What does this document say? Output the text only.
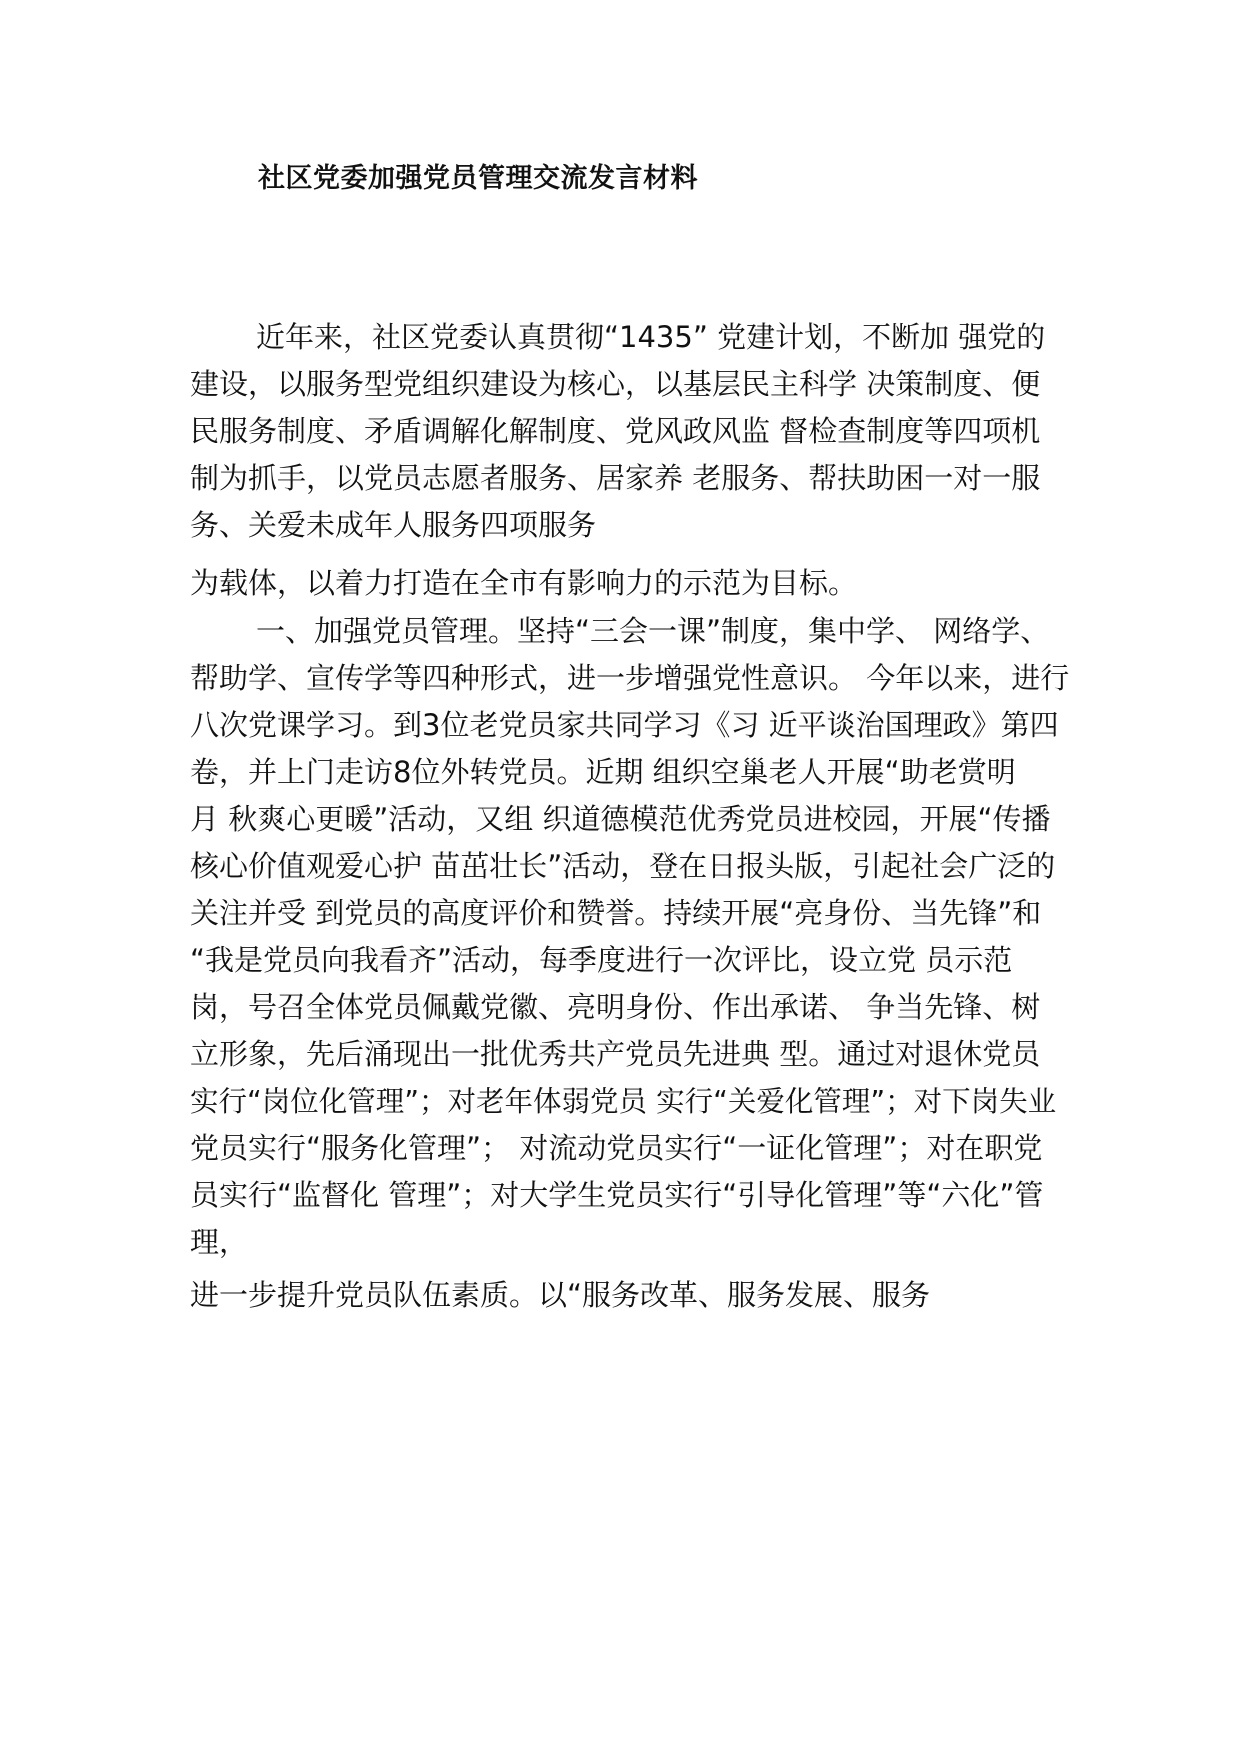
社区党委加强党员管理交流发言材料
近年来，社区党委认真贯彻“1435” 党建计划，不断加 强党的
建设，以服务型党组织建设为核心，以基层民主科学 决策制度、便
民服务制度、矛盾调解化解制度、党风政风监 督检查制度等四项机
制为抓手，以党员志愿者服务、居家养 老服务、帮扶助困一对一服
务、关爱未成年人服务四项服务
为载体，以着力打造在全市有影响力的示范为目标。
一、加强党员管理。坚持“三会一课”制度，集中学、 网络学、
帮助学、宣传学等四种形式，进一步增强党性意识。 今年以来，进行
八次党课学习。到3位老党员家共同学习《习 近平谈治国理政》第四
卷，并上门走访8位外转党员。近期 组织空巢老人开展“助老赏明
月 秋爽心更暖”活动，又组 织道德模范优秀党员进校园，开展“传播
核心价值观爱心护 苗茁壮长”活动，登在日报头版，引起社会广泛的
关注并受 到党员的高度评价和赞誉。持续开展“亮身份、当先锋”和
“我是党员向我看齐”活动，每季度进行一次评比，设立党 员示范
岗，号召全体党员佩戴党徽、亮明身份、作出承诺、 争当先锋、树
立形象，先后涌现出一批优秀共产党员先进典 型。通过对退休党员
实行“岗位化管理”；对老年体弱党员 实行“关爱化管理”；对下岗失业
党员实行“服务化管理”； 对流动党员实行“一证化管理”；对在职党
员实行“监督化 管理”；对大学生党员实行“引导化管理”等“六化”管
理，
进一步提升党员队伍素质。以“服务改革、服务发展、服务
